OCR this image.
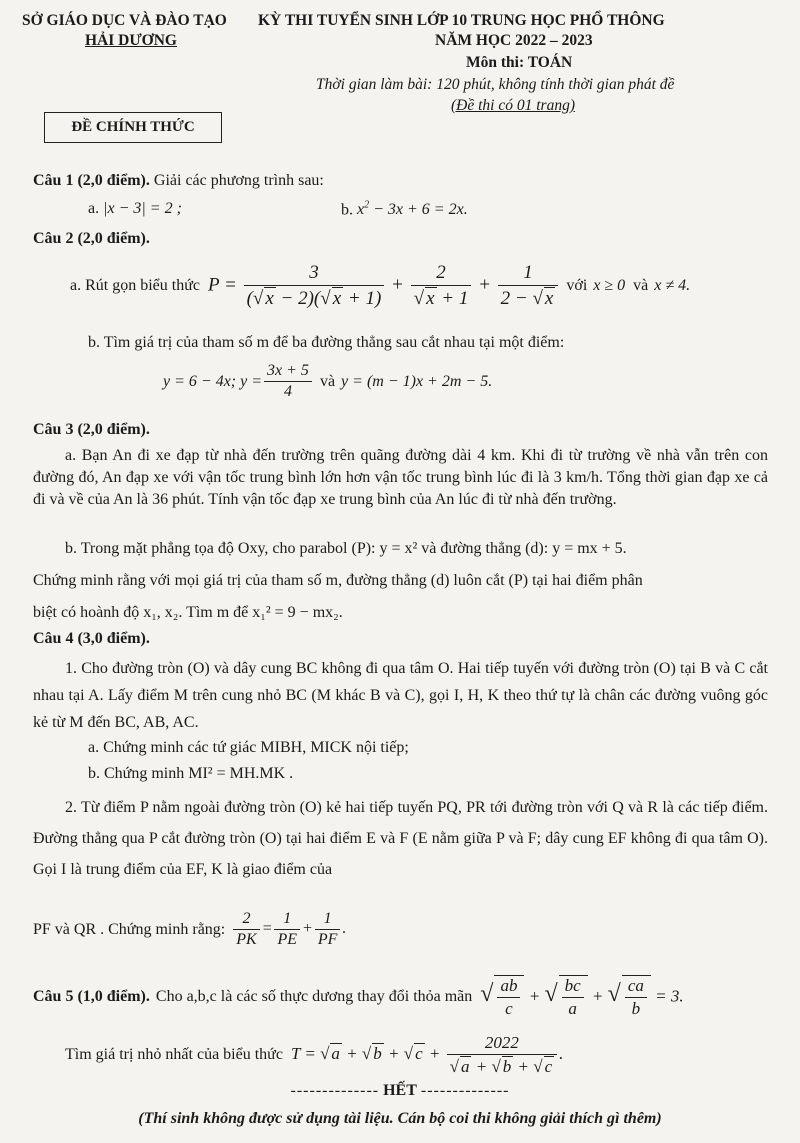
SỞ GIÁO DỤC VÀ ĐÀO TẠO
HẢI DƯƠNG
KỲ THI TUYỂN SINH LỚP 10 TRUNG HỌC PHỔ THÔNG
NĂM HỌC 2022 – 2023
Môn thi: TOÁN
Thời gian làm bài: 120 phút, không tính thời gian phát đề
(Đề thi có 01 trang)
ĐỀ CHÍNH THỨC
Câu 1 (2,0 điểm). Giải các phương trình sau:
a. |x − 3| = 2 ;	b. $x^2 - 3x + 6 = 2x$.
Câu 2 (2,0 điểm).
a. Rút gọn biểu thức $P = \frac{3}{(√ x - 2)(√ x + 1)} + \frac{2}{√ x + 1} + \frac{1}{2 - √ x}$ với x ≥ 0 và x ≠ 4.
b. Tìm giá trị của tham số m để ba đường thẳng sau cắt nhau tại một điểm:
y = 6 − 4x; $y = \frac{3x + 5}{4}$ và y = (m − 1)x + 2m − 5.
Câu 3 (2,0 điểm).
a. Bạn An đi xe đạp từ nhà đến trường trên quãng đường dài 4 km. Khi đi từ trường về nhà vẫn trên con đường đó, An đạp xe với vận tốc trung bình lớn hơn vận tốc trung bình lúc đi là 3 km/h. Tổng thời gian đạp xe cả đi và về của An là 36 phút. Tính vận tốc đạp xe trung bình của An lúc đi từ nhà đến trường.
b. Trong mặt phẳng tọa độ Oxy, cho parabol (P): y = x² và đường thẳng (d): y = mx + 5.
Chứng minh rằng với mọi giá trị của tham số m, đường thẳng (d) luôn cắt (P) tại hai điểm phân
biệt có hoành độ x₁, x₂. Tìm m để x₁² = 9 − mx₂.
Câu 4 (3,0 điểm).
1. Cho đường tròn (O) và dây cung BC không đi qua tâm O. Hai tiếp tuyến với đường tròn (O) tại B và C cắt nhau tại A. Lấy điểm M trên cung nhỏ BC (M khác B và C), gọi I, H, K theo thứ tự là chân các đường vuông góc kẻ từ M đến BC, AB, AC.
a. Chứng minh các tứ giác MIBH, MICK nội tiếp;
b. Chứng minh MI² = MH.MK .
2. Từ điểm P nằm ngoài đường tròn (O) kẻ hai tiếp tuyến PQ, PR tới đường tròn với Q và R là các tiếp điểm. Đường thẳng qua P cắt đường tròn (O) tại hai điểm E và F (E nằm giữa P và F; dây cung EF không đi qua tâm O). Gọi I là trung điểm của EF, K là giao điểm của
PF và QR . Chứng minh rằng: $\frac{2}{PK} = \frac{1}{PE} + \frac{1}{PF}$ .
Câu 5 (1,0 điểm). Cho a,b,c là các số thực dương thay đổi thỏa mãn √ $\frac{ab}{c}$ + √ $\frac{bc}{a}$ + √ $\frac{ca}{b} = 3$.
Tìm giá trị nhỏ nhất của biểu thức T = √ a + √ b + √ $c + \frac{2022}{√ a + √ b + √ c}$ .
-------------- HẾT --------------
(Thí sinh không được sử dụng tài liệu. Cán bộ coi thi không giải thích gì thêm)
